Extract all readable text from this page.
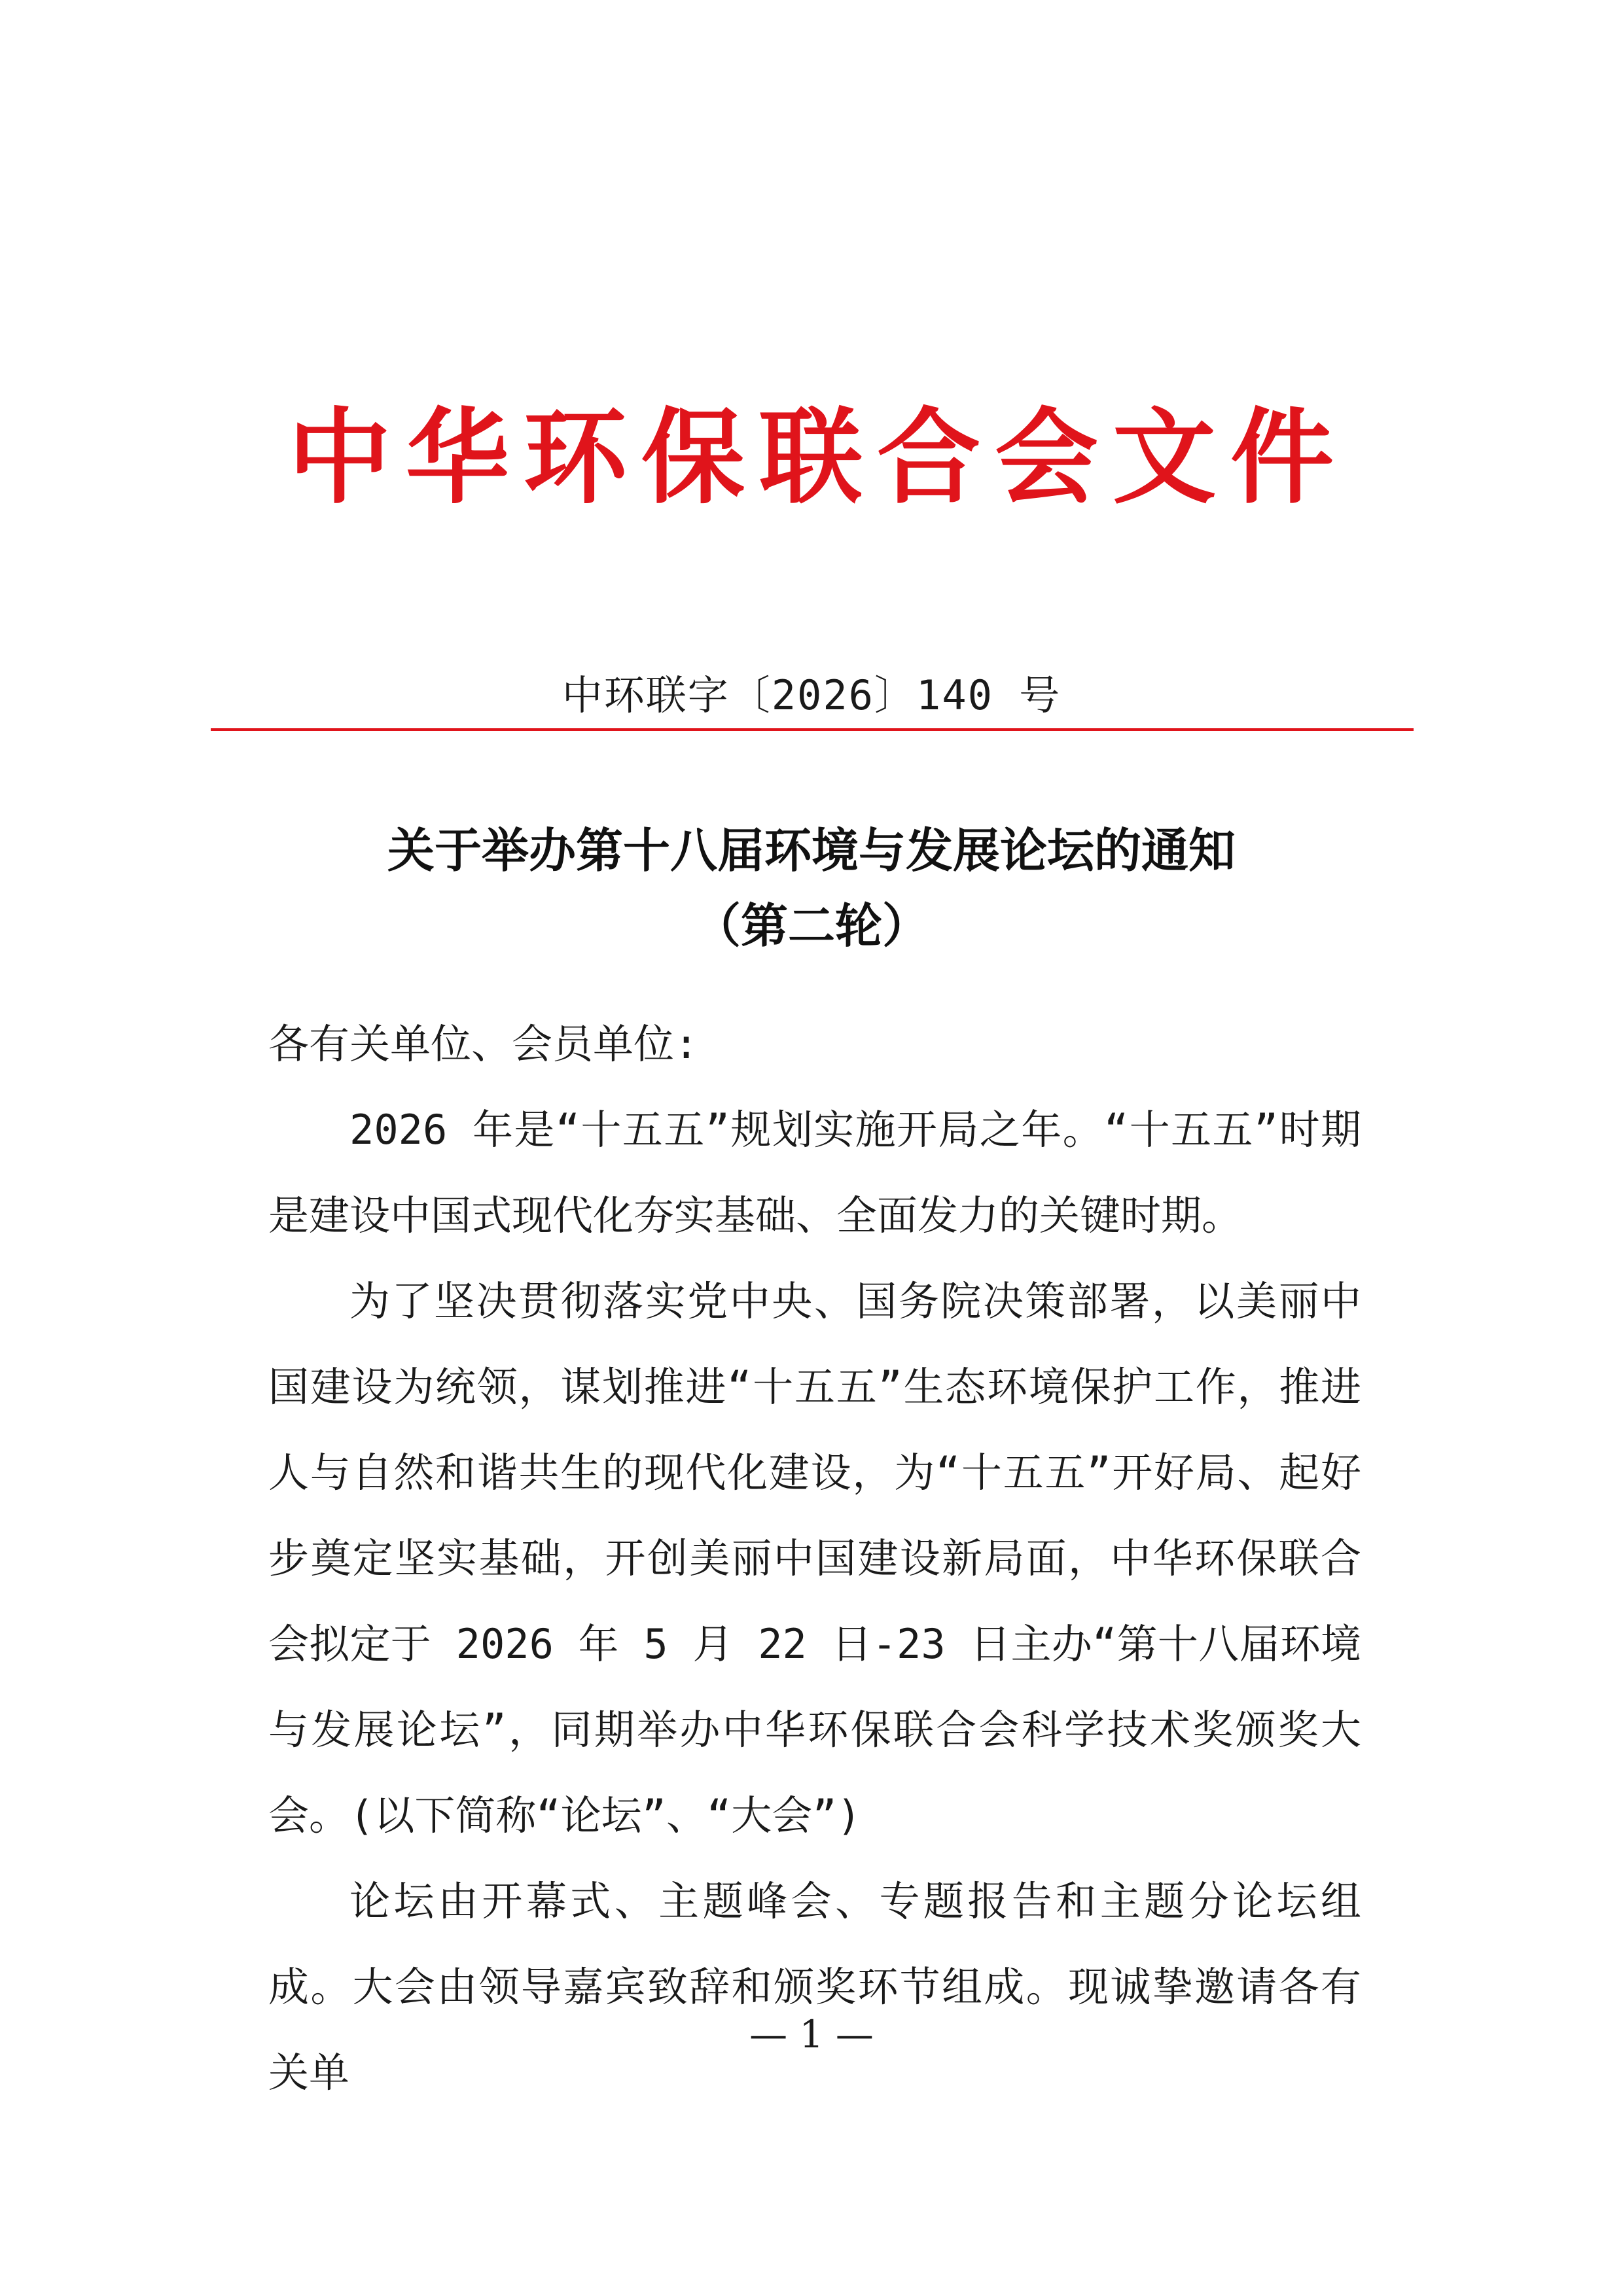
中华环保联合会文件
中环联字〔2026〕140 号
关于举办第十八届环境与发展论坛的通知
（第二轮）

各有关单位、会员单位:

2026 年是“十五五”规划实施开局之年。“十五五”时期是建设中国式现代化夯实基础、全面发力的关键时期。

为了坚决贯彻落实党中央、国务院决策部署，以美丽中国建设为统领，谋划推进“十五五”生态环境保护工作，推进人与自然和谐共生的现代化建设，为“十五五”开好局、起好步奠定坚实基础，开创美丽中国建设新局面，中华环保联合会拟定于 2026 年 5 月 22 日-23 日主办“第十八届环境与发展论坛”，同期举办中华环保联合会科学技术奖颁奖大会。(以下简称“论坛”、“大会”)

论坛由开幕式、主题峰会、专题报告和主题分论坛组成。大会由领导嘉宾致辞和颁奖环节组成。现诚挚邀请各有关单

— 1 —
